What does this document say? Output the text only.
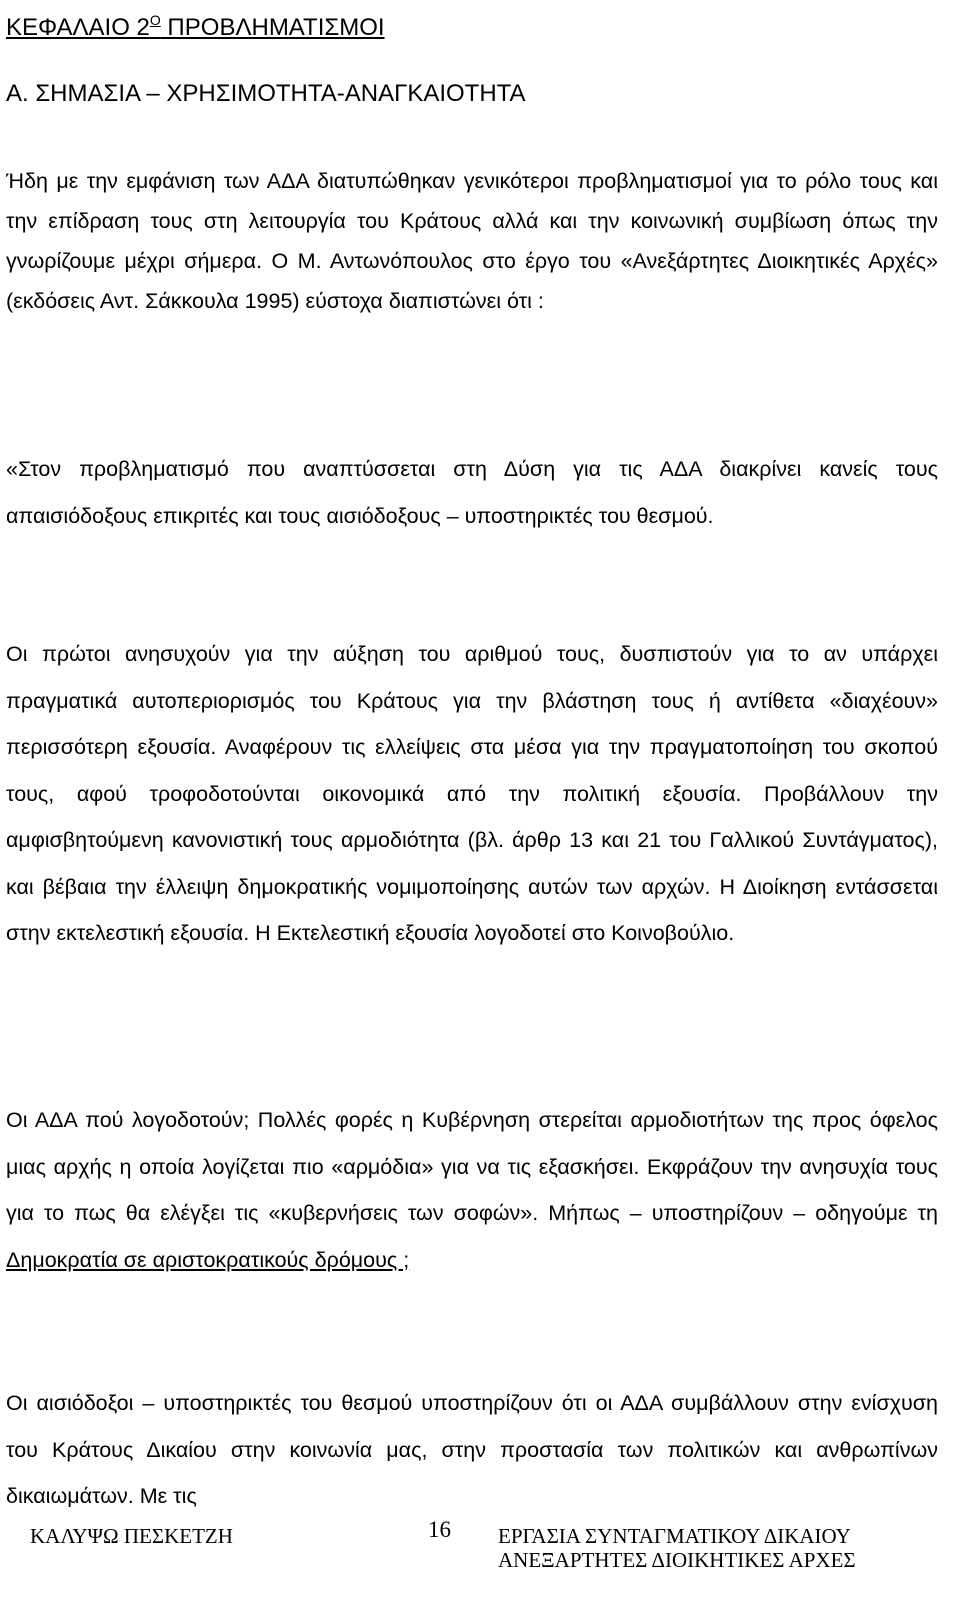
ΚΕΦΑΛΑΙΟ $2^O$ ΠΡΟΒΛΗΜΑΤΙΣΜΟΙ
Α. ΣΗΜΑΣΙΑ – ΧΡΗΣΙΜΟΤΗΤΑ-ΑΝΑΓΚΑΙΟΤΗΤΑ

Ήδη με την εμφάνιση των ΑΔΑ διατυπώθηκαν γενικότεροι προβληματισμοί για το ρόλο τους και την επίδραση τους στη λειτουργία του Κράτους αλλά και την κοινωνική συμβίωση όπως την γνωρίζουμε μέχρι σήμερα. Ο Μ. Αντωνόπουλος στο έργο του «Ανεξάρτητες Διοικητικές Αρχές» (εκδόσεις Αντ. Σάκκουλα 1995) εύστοχα διαπιστώνει ότι :

«Στον προβληματισμό που αναπτύσσεται στη Δύση για τις ΑΔΑ διακρίνει κανείς τους απαισιόδοξους επικριτές και τους αισιόδοξους – υποστηρικτές του θεσμού.

Οι πρώτοι ανησυχούν για την αύξηση του αριθμού τους, δυσπιστούν για το αν υπάρχει πραγματικά αυτοπεριορισμός του Κράτους για την βλάστηση τους ή αντίθετα «διαχέουν» περισσότερη εξουσία. Αναφέρουν τις ελλείψεις στα μέσα για την πραγματοποίηση του σκοπού τους, αφού τροφοδοτούνται οικονομικά από την πολιτική εξουσία. Προβάλλουν την αμφισβητούμενη κανονιστική τους αρμοδιότητα (βλ. άρθρ 13 και 21 του Γαλλικού Συντάγματος), και βέβαια την έλλειψη δημοκρατικής νομιμοποίησης αυτών των αρχών. Η Διοίκηση εντάσσεται στην εκτελεστική εξουσία. Η Εκτελεστική εξουσία λογοδοτεί στο Κοινοβούλιο.

Οι ΑΔΑ πού λογοδοτούν; Πολλές φορές η Κυβέρνηση στερείται αρμοδιοτήτων της προς όφελος μιας αρχής η οποία λογίζεται πιο «αρμόδια» για να τις εξασκήσει. Εκφράζουν την ανησυχία τους για το πως θα ελέγξει τις «κυβερνήσεις των σοφών». Μήπως – υποστηρίζουν – οδηγούμε τη Δημοκρατία σε αριστοκρατικούς δρόμους ;

Οι αισιόδοξοι – υποστηρικτές του θεσμού υποστηρίζουν ότι οι ΑΔΑ συμβάλλουν στην ενίσχυση του Κράτους Δικαίου στην κοινωνία μας, στην προστασία των πολιτικών και ανθρωπίνων δικαιωμάτων. Με τις

ΚΑΛΥΨΩ ΠΕΣΚΕΤΖΗ	16 ΕΡΓΑΣΙΑ ΣΥΝΤΑΓΜΑΤΙΚΟΥ ΔΙΚΑΙΟΥ
ΑΝΕΞΑΡΤΗΤΕΣ ΔΙΟΙΚΗΤΙΚΕΣ ΑΡΧΕΣ
